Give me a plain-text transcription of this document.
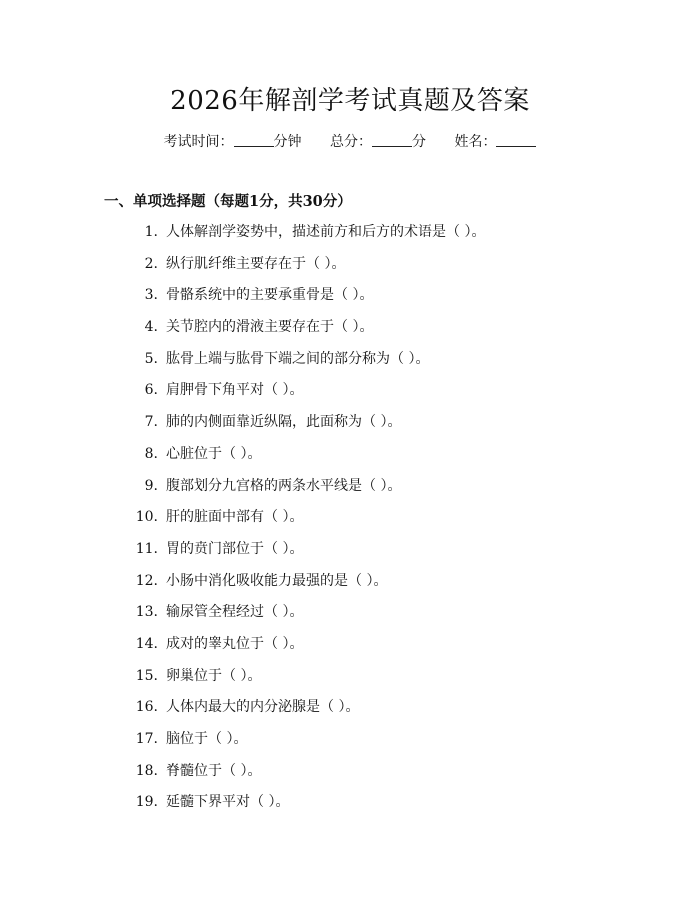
2026年解剖学考试真题及答案
考试时间：	分钟 总分：	分 姓名：
一、单项选择题（每题1分，共30分）
1. 人体解剖学姿势中，描述前方和后方的术语是（ ）。
2. 纵行肌纤维主要存在于（ ）。
3. 骨骼系统中的主要承重骨是（ ）。
4. 关节腔内的滑液主要存在于（ ）。
5. 肱骨上端与肱骨下端之间的部分称为（ ）。
6. 肩胛骨下角平对（ ）。
7. 肺的内侧面靠近纵隔，此面称为（ ）。
8. 心脏位于（ ）。
9. 腹部划分九宫格的两条水平线是（ ）。
10. 肝的脏面中部有（ ）。
11. 胃的贲门部位于（ ）。
12. 小肠中消化吸收能力最强的是（ ）。
13. 输尿管全程经过（ ）。
14. 成对的睾丸位于（ ）。
15. 卵巢位于（ ）。
16. 人体内最大的内分泌腺是（ ）。
17. 脑位于（ ）。
18. 脊髓位于（ ）。
19. 延髓下界平对（ ）。
